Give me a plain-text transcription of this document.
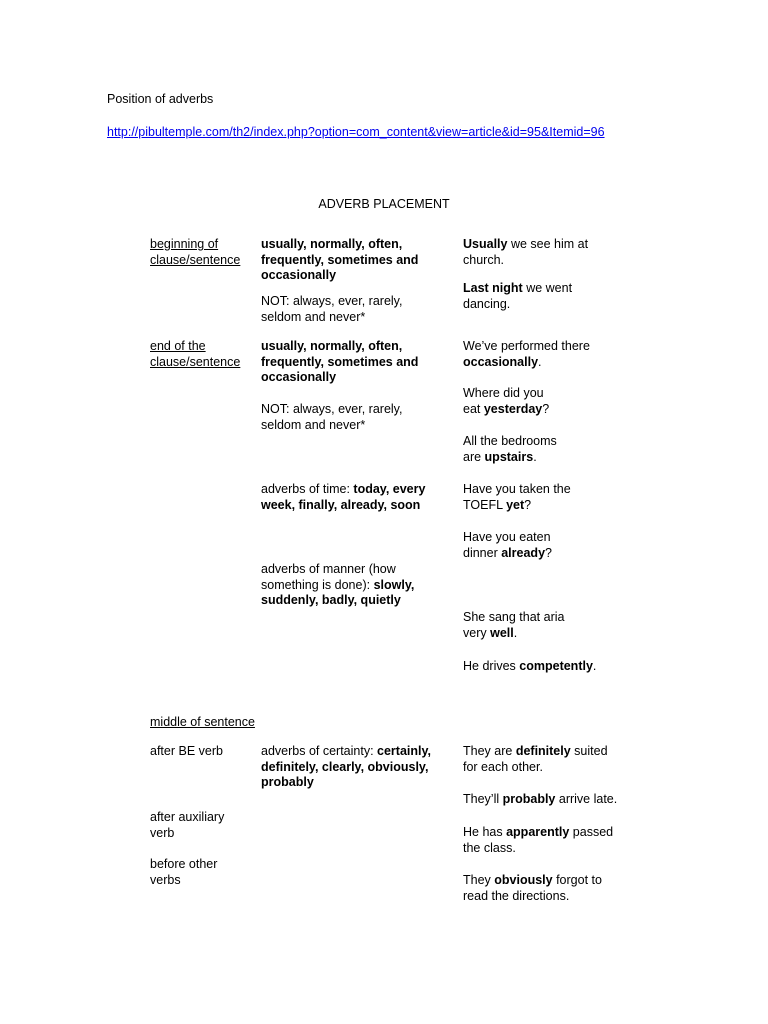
Position of adverbs
http://pibultemple.com/th2/index.php?option=com_content&view=article&id=95&Itemid=96
ADVERB PLACEMENT
beginning of
clause/sentence
usually, normally, often,
frequently, sometimes and
occasionally
NOT: always, ever, rarely,
seldom and never*
Usually we see him at
church.
Last night we went
dancing.
end of the
clause/sentence
usually, normally, often,
frequently, sometimes and
occasionally
NOT: always, ever, rarely,
seldom and never*
We’ve performed there
occasionally.
Where did you
eat yesterday?
All the bedrooms
are upstairs.
adverbs of time: today, every
week, finally, already, soon
Have you taken the
TOEFL yet?
Have you eaten
dinner already?
adverbs of manner (how
something is done): slowly,
suddenly, badly, quietly
She sang that aria
very well.
He drives competently.
middle of sentence
after BE verb
after auxiliary
verb
before other
verbs
adverbs of certainty: certainly,
definitely, clearly, obviously,
probably
They are definitely suited
for each other.
They’ll probably arrive late.
He has apparently passed
the class.
They obviously forgot to
read the directions.
